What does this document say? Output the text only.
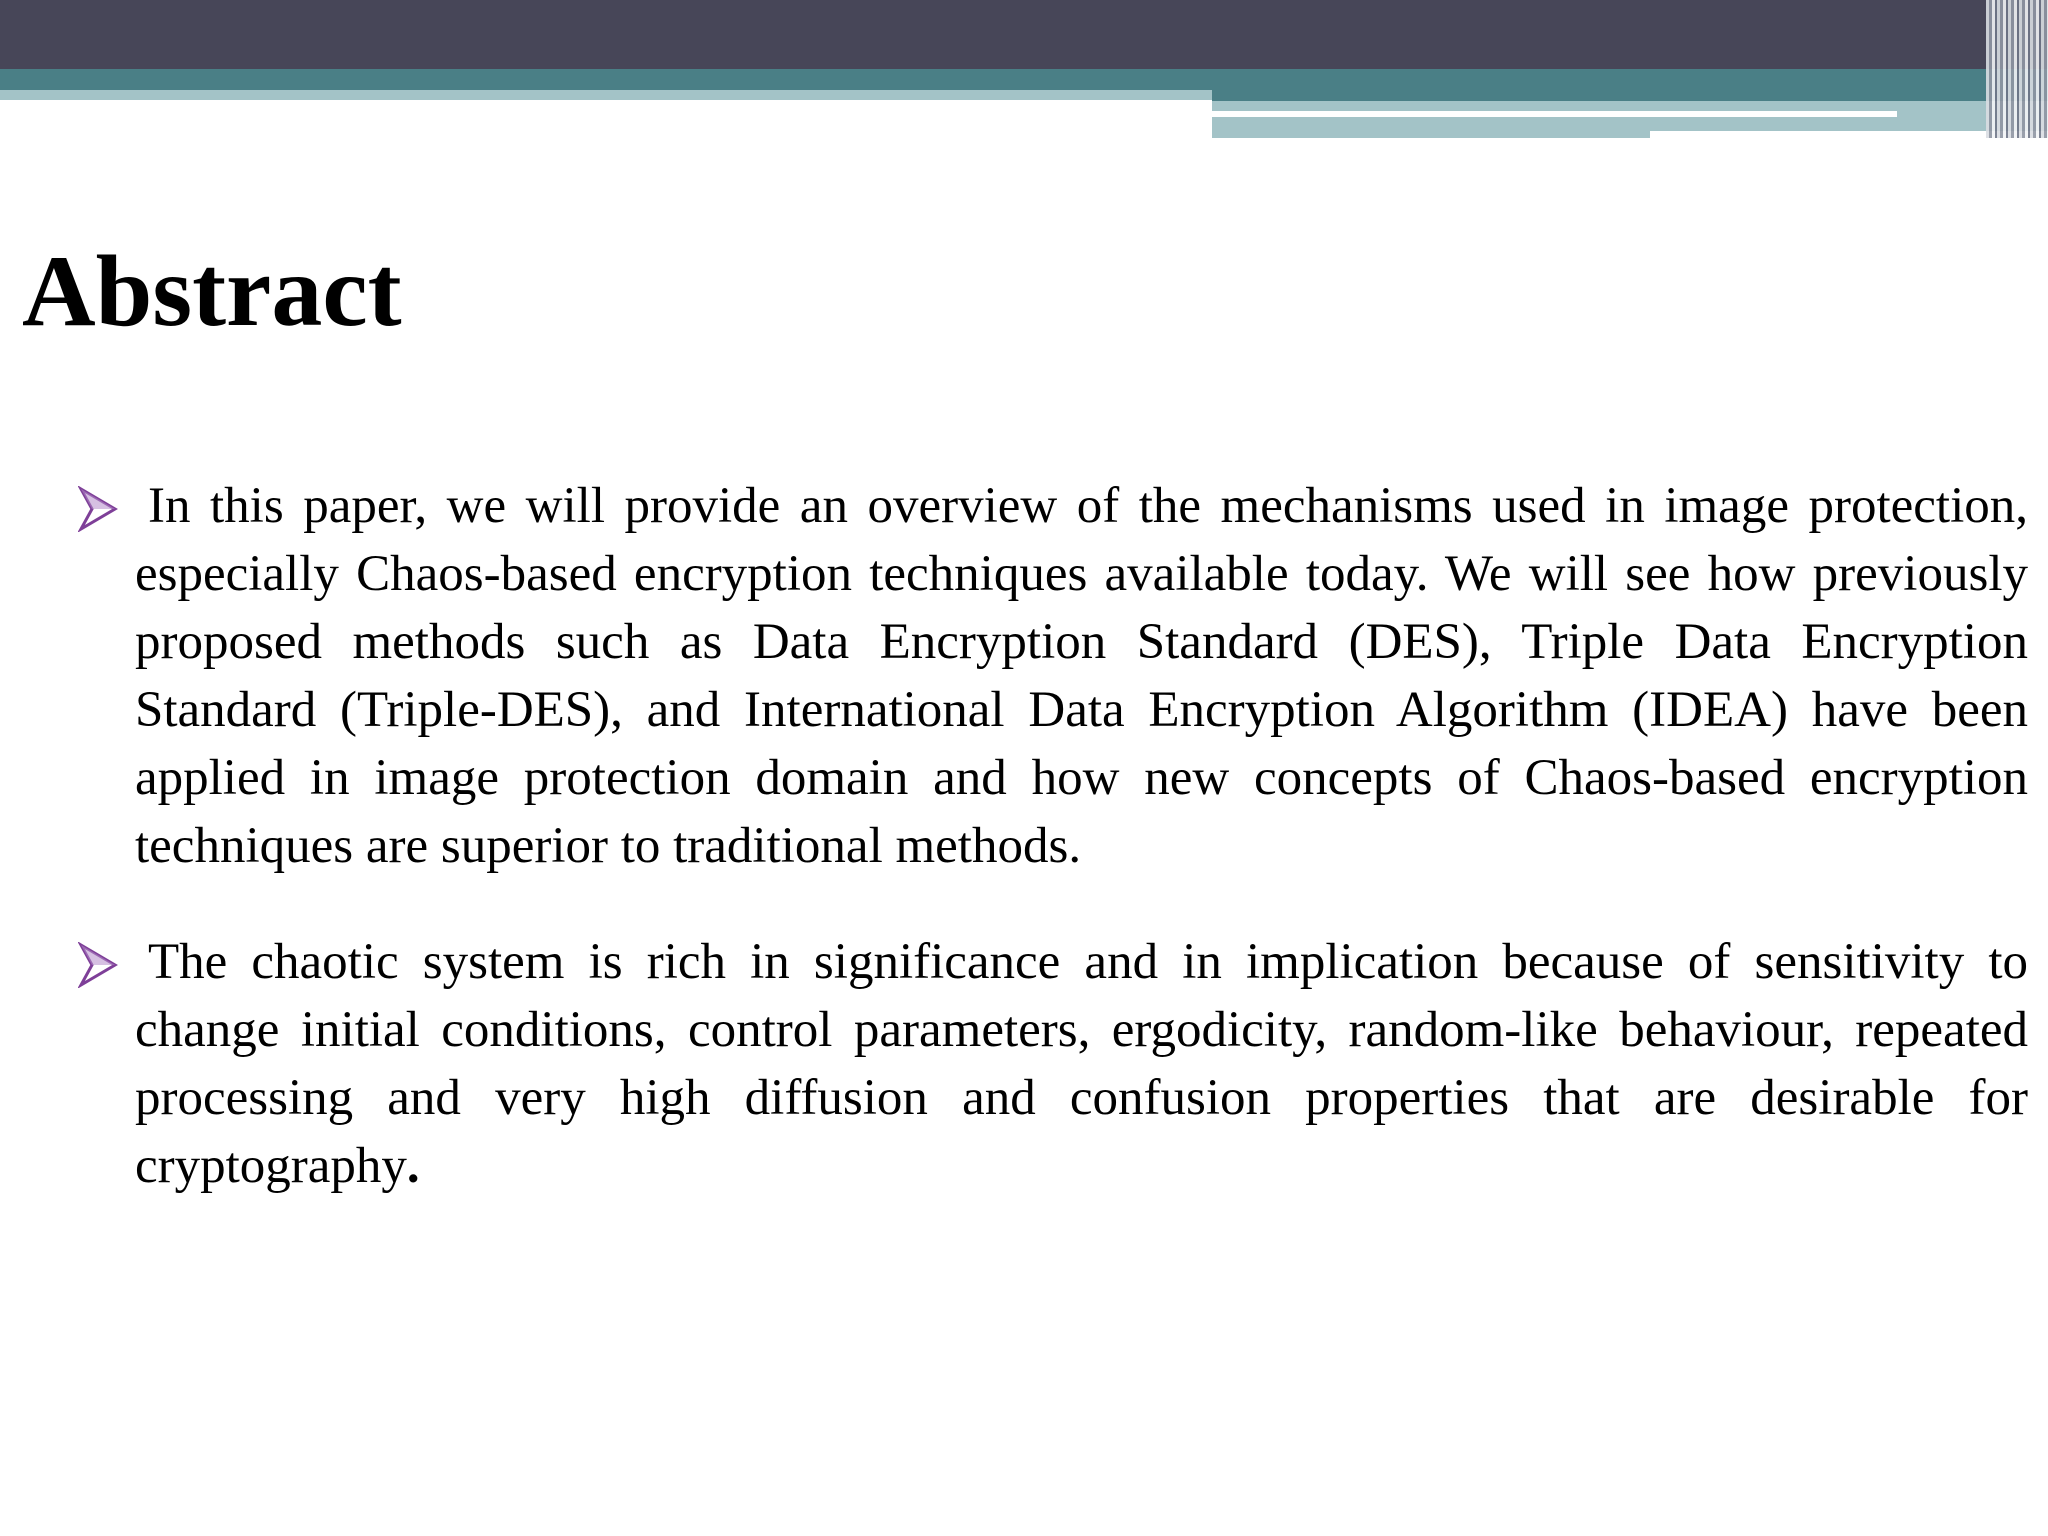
Abstract
In this paper, we will provide an overview of the mechanisms used in image protection, especially Chaos-based encryption techniques available today. We will see how previously proposed methods such as Data Encryption Standard (DES), Triple Data Encryption Standard (Triple-DES), and International Data Encryption Algorithm (IDEA) have been applied in image protection domain and how new concepts of Chaos-based encryption techniques are superior to traditional methods.
The chaotic system is rich in significance and in implication because of sensitivity to change initial conditions, control parameters, ergodicity, random-like behaviour, repeated processing and very high diffusion and confusion properties that are desirable for cryptography.
